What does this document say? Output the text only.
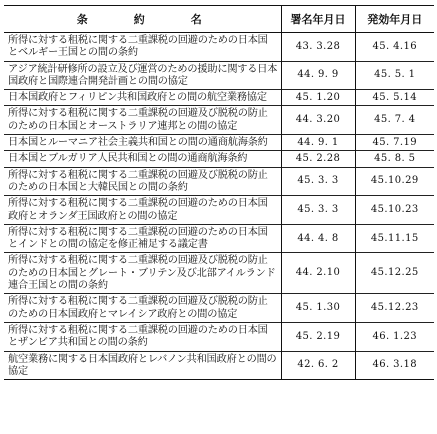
条約名	署名年月日	発効年月日
所得に対する租税に関する二重課税の回避のための日本国とベルギー王国との間の条約	43. 3.28	45. 4.16
アジア統計研修所の設立及び運営のための援助に関する日本国政府と国際連合開発計画との間の協定	44. 9. 9	45. 5. 1
日本国政府とフィリピン共和国政府との間の航空業務協定	45. 1.20	45. 5.14
所得に対する租税に関する二重課税の回避及び脱税の防止のための日本国とオーストラリア連邦との間の協定	44. 3.20	45. 7. 4
日本国とルーマニア社会主義共和国との間の通商航海条約	44. 9. 1	45. 7.19
日本国とブルガリア人民共和国との間の通商航海条約	45. 2.28	45. 8. 5
所得に対する租税に関する二重課税の回避及び脱税の防止のための日本国と大韓民国との間の条約	45. 3. 3	45.10.29
所得に対する租税に関する二重課税の回避のための日本国政府とオランダ王国政府との間の協定	45. 3. 3	45.10.23
所得に対する租税に関する二重課税の回避のための日本国とインドとの間の協定を修正補足する議定書	44. 4. 8	45.11.15
所得に対する租税に関する二重課税の回避及び脱税の防止のための日本国とグレート・ブリテン及び北部アイルランド連合王国との間の条約	44. 2.10	45.12.25
所得に対する租税に関する二重課税の回避及び脱税の防止のための日本国政府とマレイシア政府との間の協定	45. 1.30	45.12.23
所得に対する租税に関する二重課税の回避のための日本国とザンビア共和国との間の条約	45. 2.19	46. 1.23
航空業務に関する日本国政府とレバノン共和国政府との間の協定	42. 6. 2	46. 3.18
